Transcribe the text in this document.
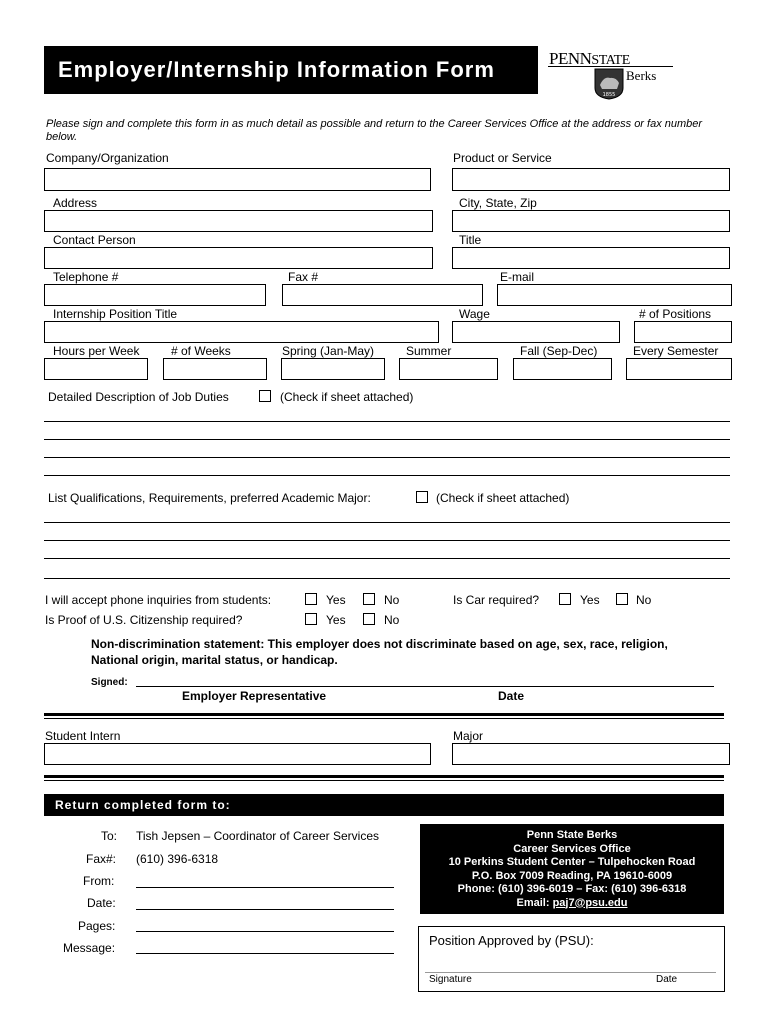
Employer/Internship Information Form	PENNSTATE
1855
Berks
Please sign and complete this form in as much detail as possible and return to the Career Services Office at the address or fax number below.
Company/Organization	Product or Service
Address	City, State, Zip
Contact Person	Title
Telephone #	Fax #	E-mail
Internship Position Title	Wage	# of Positions
Hours per Week	# of Weeks	Spring (Jan-May)	Summer	Fall (Sep-Dec)	Every Semester
Detailed Description of Job Duties	(Check if sheet attached)
List Qualifications, Requirements, preferred Academic Major:	(Check if sheet attached)
I will accept phone inquiries from students:	Yes	No	Is Car required?	Yes	No
Is Proof of U.S. Citizenship required?	Yes	No
Non-discrimination statement: This employer does not discriminate based on age, sex, race, religion,
National origin, marital status, or handicap.
Signed:
Employer Representative	Date
Student Intern	Major
Return completed form to:
To: Tish Jepsen – Coordinator of Career Services
Fax#: (610) 396-6318
From:
Date:
Pages:
Message:
Penn State Berks
Career Services Office
10 Perkins Student Center – Tulpehocken Road
P.O. Box 7009 Reading, PA 19610-6009
Phone: (610) 396-6019 – Fax: (610) 396-6318
Email: paj7@psu.edu
Position Approved by (PSU):
Signature	Date
